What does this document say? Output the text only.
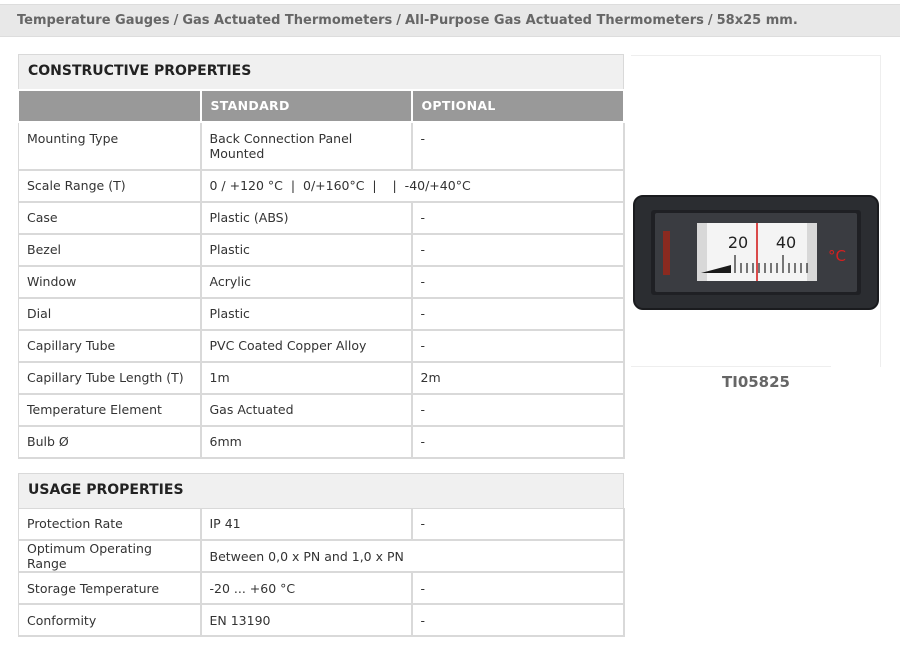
Temperature Gauges / Gas Actuated Thermometers / All-Purpose Gas Actuated Thermometers / 58x25 mm.
CONSTRUCTIVE PROPERTIES		
	STANDARD	OPTIONAL
Mounting Type	Back Connection Panel Mounted	-
Scale Range (T)	0 / +120 °C  |  0/+160°C  |    |  -40/+40°C	
Case	Plastic (ABS)	-
Bezel	Plastic	-
Window	Acrylic	-
Dial	Plastic	-
Capillary Tube	PVC Coated Copper Alloy	-
Capillary Tube Length (T)	1m	2m
Temperature Element	Gas Actuated	-
Bulb Ø	6mm	-
USAGE PROPERTIES		
Protection Rate	IP 41	-
Optimum Operating Range	Between 0,0 x PN and 1,0 x PN	
Storage Temperature	-20 ... +60 °C	-
Conformity	EN 13190	-
20 40
°C
TI05825
